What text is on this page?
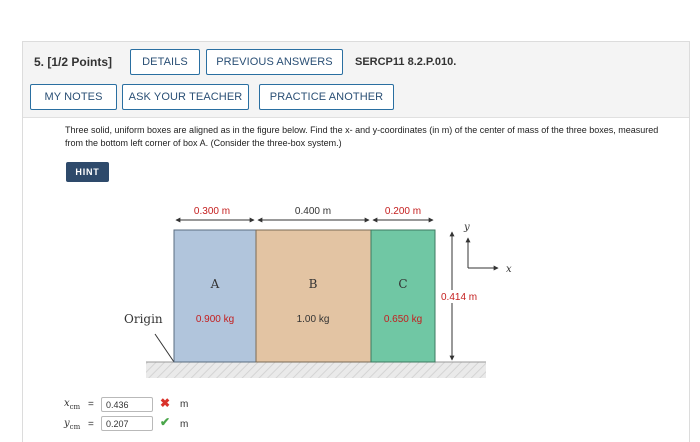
5. [1/2 Points]	DETAILS	PREVIOUS ANSWERS	SERCP11 8.2.P.010.
MY NOTES	ASK YOUR TEACHER	PRACTICE ANOTHER
Three solid, uniform boxes are aligned as in the figure below. Find the x- and y-coordinates (in m) of the center of mass of the three boxes, measured from the bottom left corner of box A. (Consider the three-box system.)
HINT
A	B	C
0.900 kg	1.00 kg	0.650 kg
0.300 m	0.400 m	0.200 m
0.414 m
Origin
y
x
$x_{cm}$ =
0.436	✖ m
$y_{cm}$ =
0.207	✔ m
